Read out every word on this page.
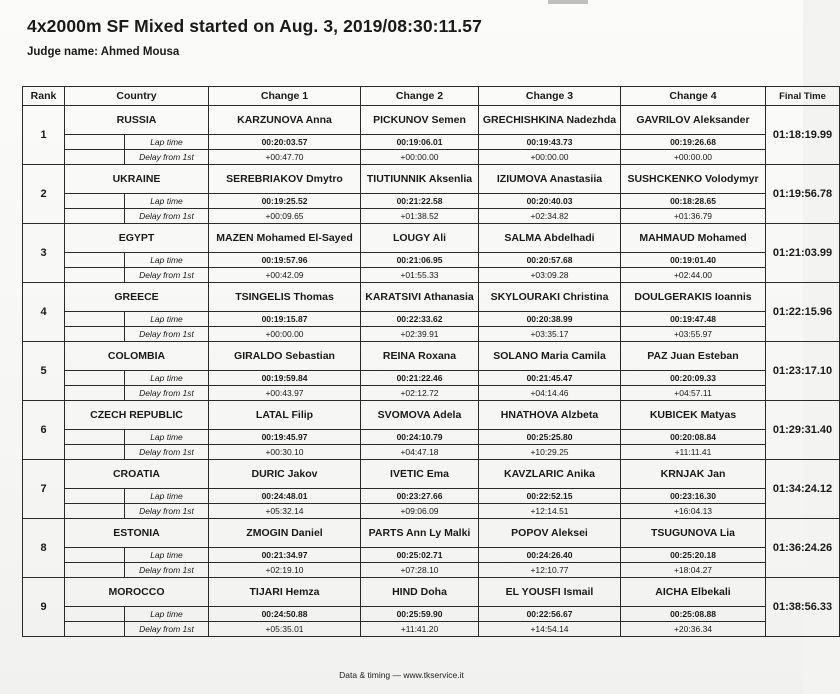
4x2000m SF Mixed started on Aug. 3, 2019/08:30:11.57
Judge name: Ahmed Mousa
Rank	Country		Change 1	Change 2	Change 3	Change 4	Final Time
1	RUSSIA		KARZUNOVA Anna	PICKUNOV Semen	GRECHISHKINA Nadezhda	GAVRILOV Aleksander	01:18:19.99
		Lap time	00:20:03.57	00:19:06.01	00:19:43.73	00:19:26.68	
		Delay from 1st	+00:47.70	+00:00.00	+00:00.00	+00:00.00	
2	UKRAINE		SEREBRIAKOV Dmytro	TIUTIUNNIK Aksenlia	IZIUMOVA Anastasiia	SUSHCKENKO Volodymyr	01:19:56.78
		Lap time	00:19:25.52	00:21:22.58	00:20:40.03	00:18:28.65	
		Delay from 1st	+00:09.65	+01:38.52	+02:34.82	+01:36.79	
3	EGYPT		MAZEN Mohamed El-Sayed	LOUGY Ali	SALMA Abdelhadi	MAHMAUD Mohamed	01:21:03.99
		Lap time	00:19:57.96	00:21:06.95	00:20:57.68	00:19:01.40	
		Delay from 1st	+00:42.09	+01:55.33	+03:09.28	+02:44.00	
4	GREECE		TSINGELIS Thomas	KARATSIVI Athanasia	SKYLOURAKI Christina	DOULGERAKIS Ioannis	01:22:15.96
		Lap time	00:19:15.87	00:22:33.62	00:20:38.99	00:19:47.48	
		Delay from 1st	+00:00.00	+02:39.91	+03:35.17	+03:55.97	
5	COLOMBIA		GIRALDO Sebastian	REINA Roxana	SOLANO Maria Camila	PAZ Juan Esteban	01:23:17.10
		Lap time	00:19:59.84	00:21:22.46	00:21:45.47	00:20:09.33	
		Delay from 1st	+00:43.97	+02:12.72	+04:14.46	+04:57.11	
6	CZECH REPUBLIC		LATAL Filip	SVOMOVA Adela	HNATHOVA Alzbeta	KUBICEK Matyas	01:29:31.40
		Lap time	00:19:45.97	00:24:10.79	00:25:25.80	00:20:08.84	
		Delay from 1st	+00:30.10	+04:47.18	+10:29.25	+11:11.41	
7	CROATIA		DURIC Jakov	IVETIC Ema	KAVZLARIC Anika	KRNJAK Jan	01:34:24.12
		Lap time	00:24:48.01	00:23:27.66	00:22:52.15	00:23:16.30	
		Delay from 1st	+05:32.14	+09:06.09	+12:14.51	+16:04.13	
8	ESTONIA		ZMOGIN Daniel	PARTS Ann Ly Malki	POPOV Aleksei	TSUGUNOVA Lia	01:36:24.26
		Lap time	00:21:34.97	00:25:02.71	00:24:26.40	00:25:20.18	
		Delay from 1st	+02:19.10	+07:28.10	+12:10.77	+18:04.27	
9	MOROCCO		TIJARI Hemza	HIND Doha	EL YOUSFI Ismail	AICHA Elbekali	01:38:56.33
		Lap time	00:24:50.88	00:25:59.90	00:22:56.67	00:25:08.88	
		Delay from 1st	+05:35.01	+11:41.20	+14:54.14	+20:36.34	
Data & timing — www.tkservice.it
